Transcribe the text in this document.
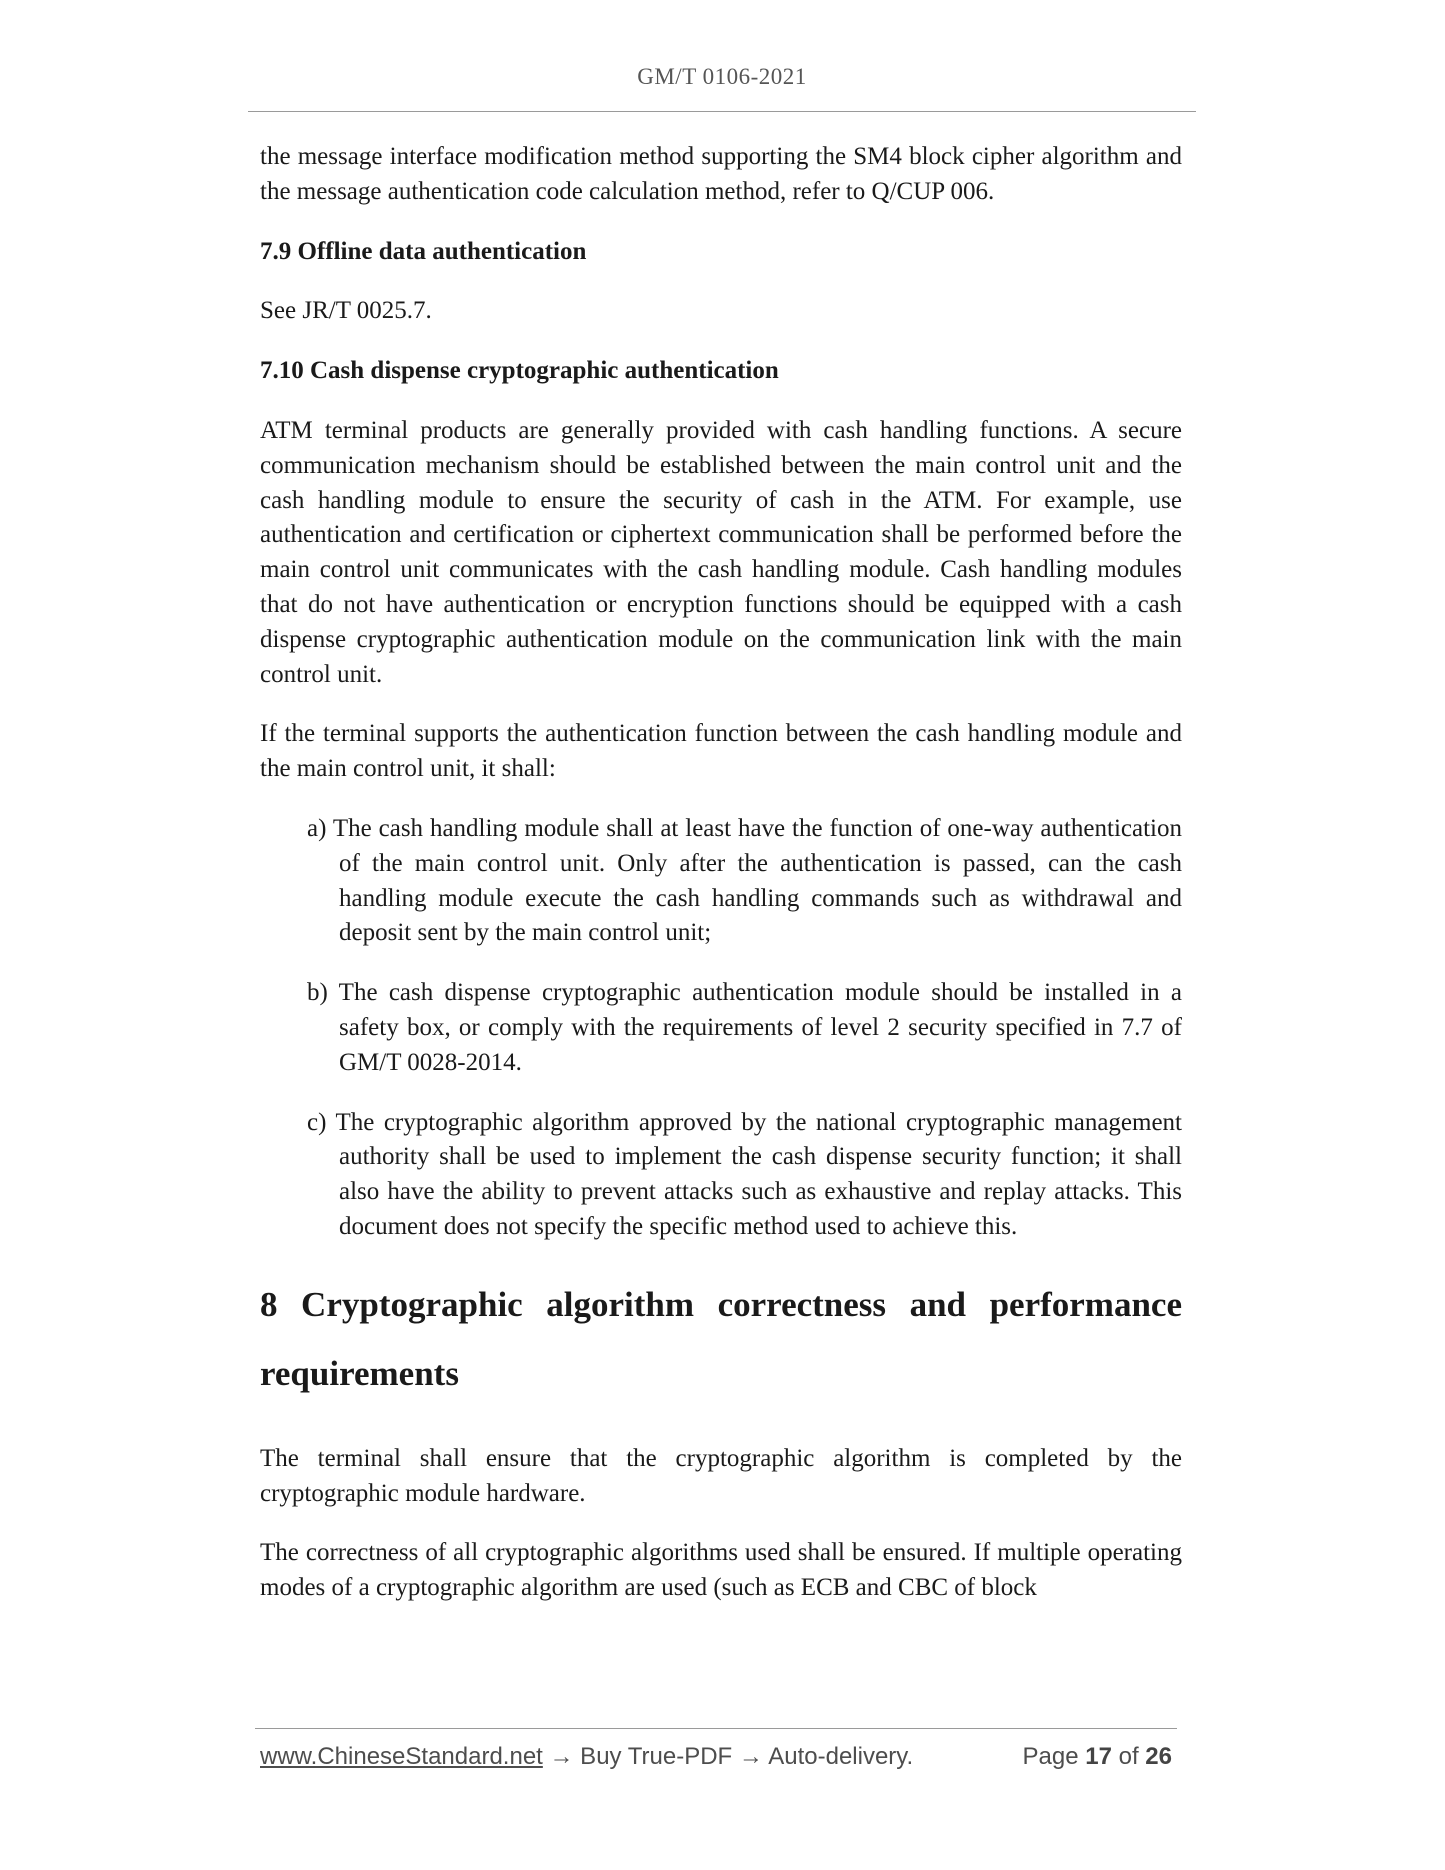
GM/T 0106-2021

the message interface modification method supporting the SM4 block cipher algorithm and the message authentication code calculation method, refer to Q/CUP 006.

7.9 Offline data authentication

See JR/T 0025.7.

7.10 Cash dispense cryptographic authentication

ATM terminal products are generally provided with cash handling functions. A secure communication mechanism should be established between the main control unit and the cash handling module to ensure the security of cash in the ATM. For example, use authentication and certification or ciphertext communication shall be performed before the main control unit communicates with the cash handling module. Cash handling modules that do not have authentication or encryption functions should be equipped with a cash dispense cryptographic authentication module on the communication link with the main control unit.

If the terminal supports the authentication function between the cash handling module and the main control unit, it shall:

a) The cash handling module shall at least have the function of one-way authentication of the main control unit. Only after the authentication is passed, can the cash handling module execute the cash handling commands such as withdrawal and deposit sent by the main control unit;

b) The cash dispense cryptographic authentication module should be installed in a safety box, or comply with the requirements of level 2 security specified in 7.7 of GM/T 0028-2014.

c) The cryptographic algorithm approved by the national cryptographic management authority shall be used to implement the cash dispense security function; it shall also have the ability to prevent attacks such as exhaustive and replay attacks. This document does not specify the specific method used to achieve this.

8 Cryptographic algorithm correctness and performance requirements

The terminal shall ensure that the cryptographic algorithm is completed by the cryptographic module hardware.

The correctness of all cryptographic algorithms used shall be ensured. If multiple operating modes of a cryptographic algorithm are used (such as ECB and CBC of block

www.ChineseStandard.net → Buy True-PDF → Auto-delivery.	Page 17 of 26
